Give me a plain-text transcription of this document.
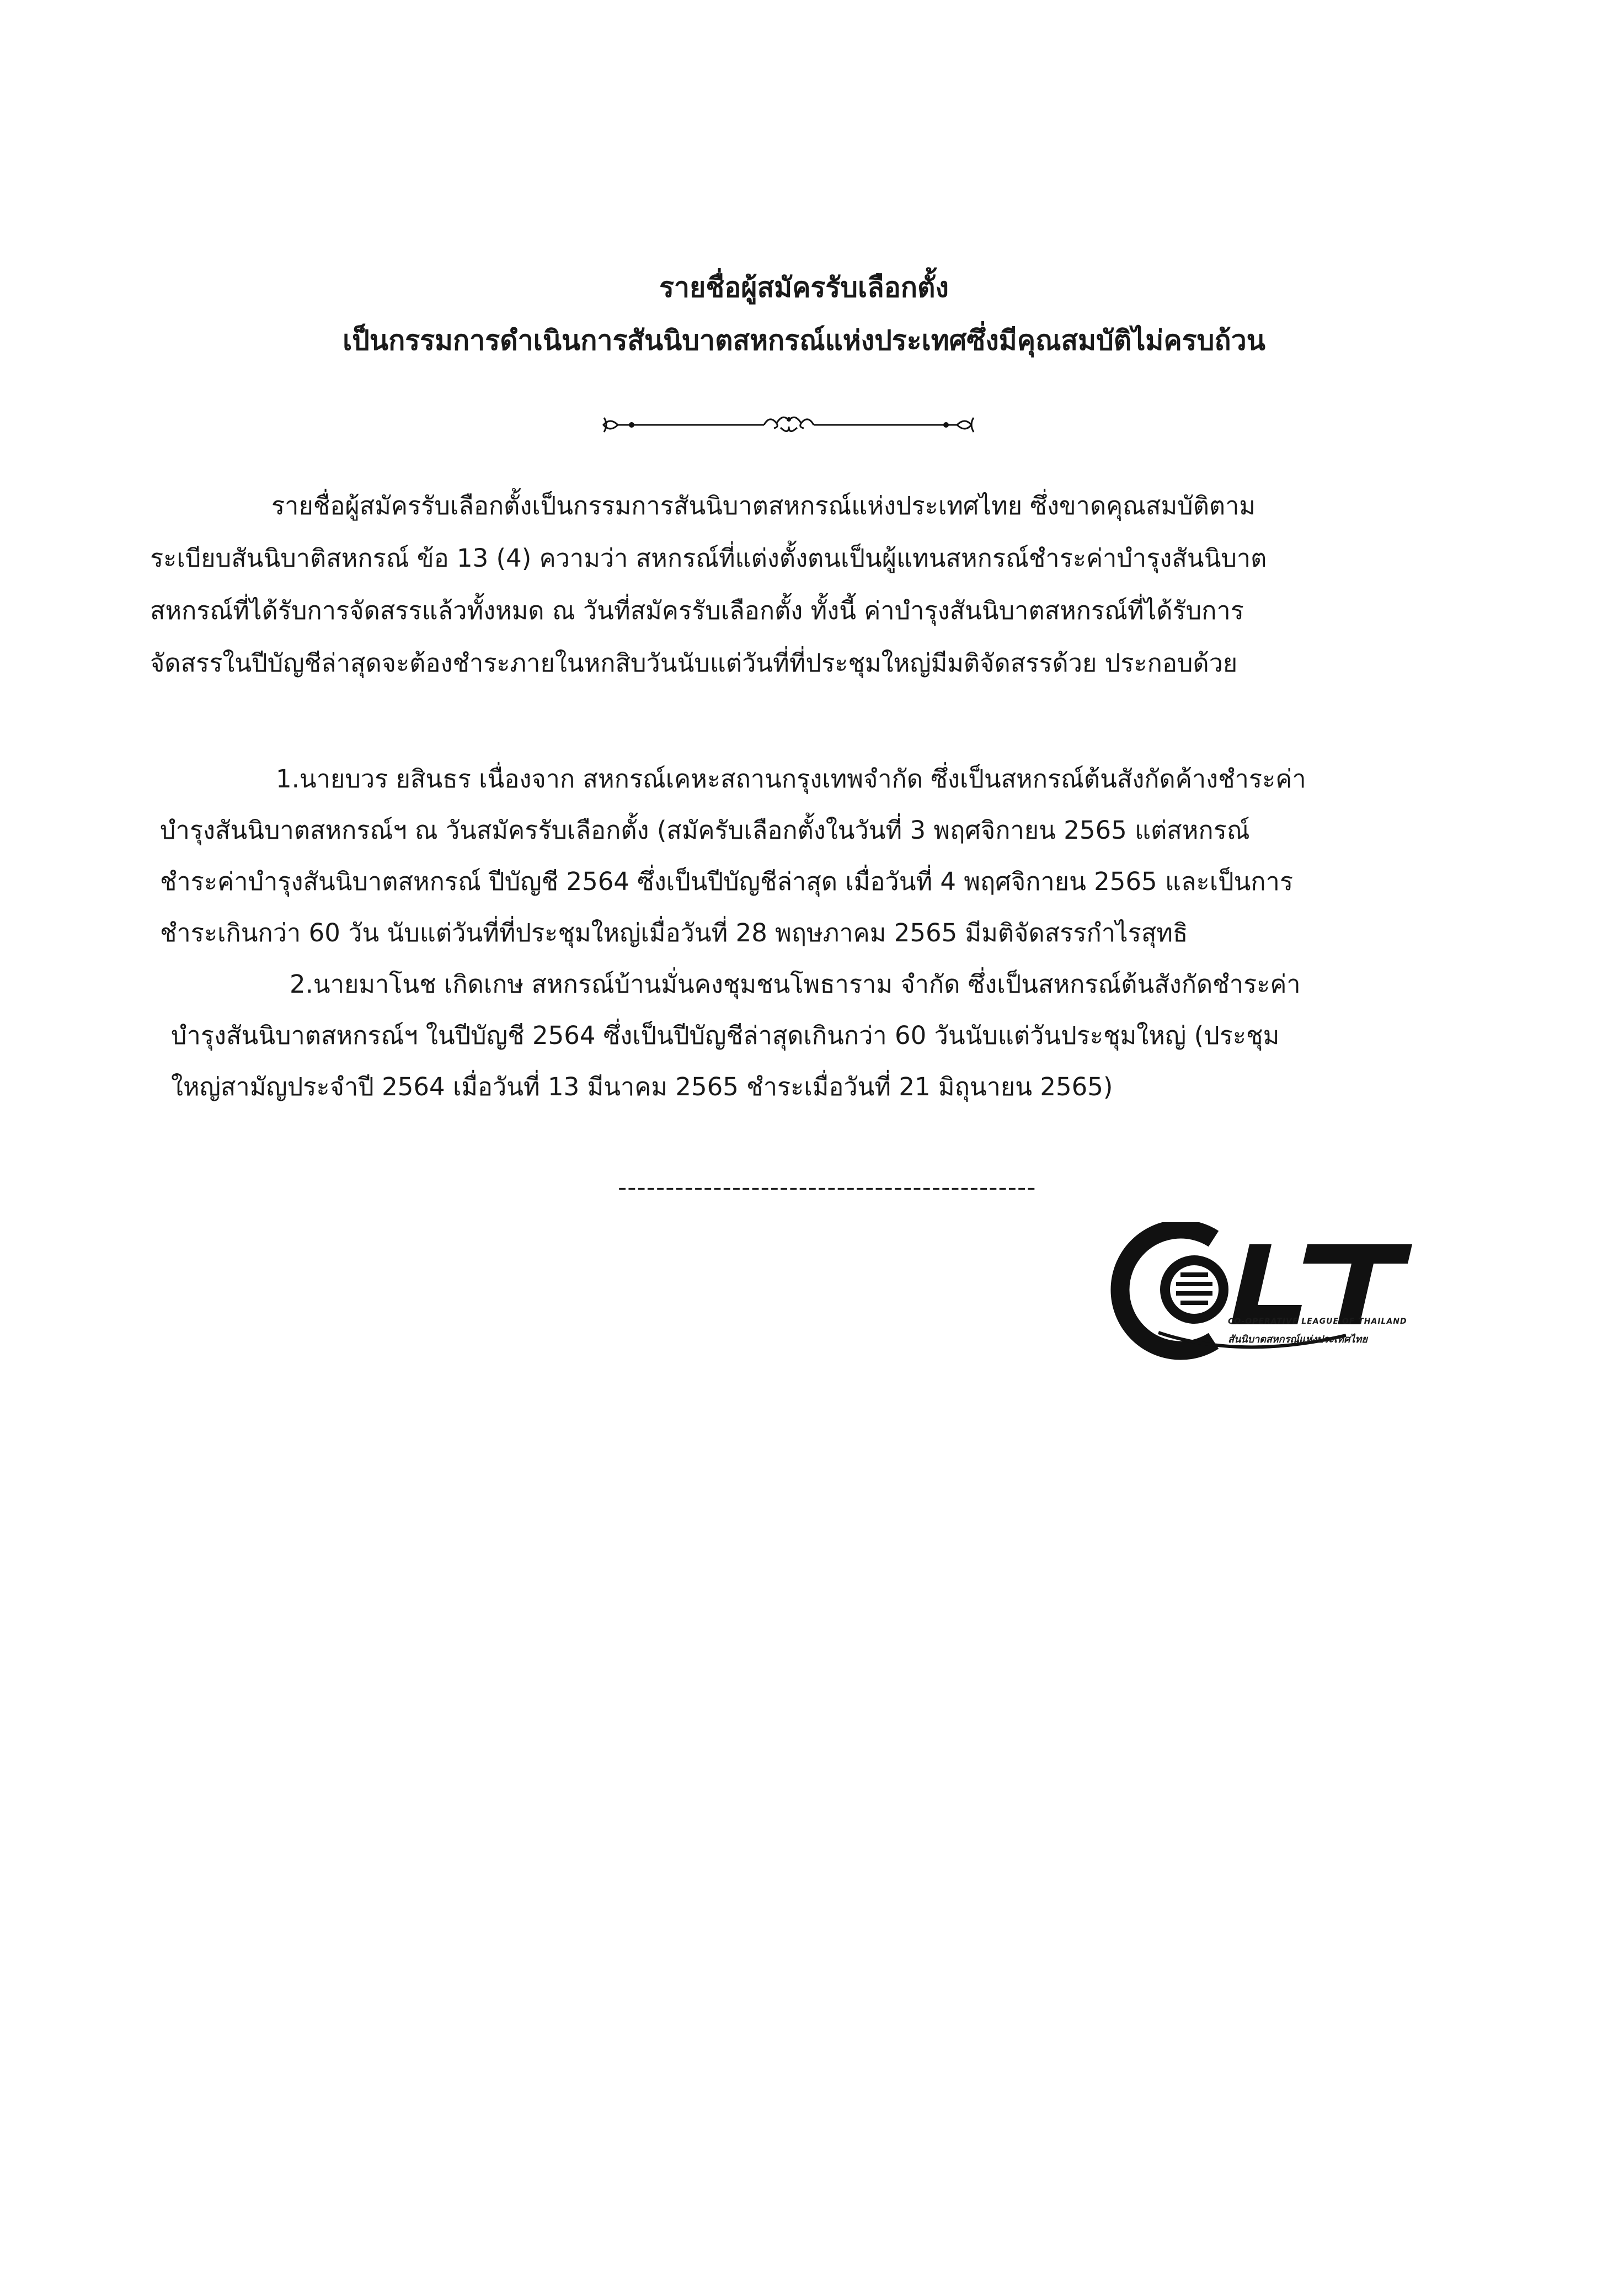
รายชื่อผู้สมัครรับเลือกตั้ง
เป็นกรรมการดำเนินการสันนิบาตสหกรณ์แห่งประเทศซึ่งมีคุณสมบัติไม่ครบถ้วน
รายชื่อผู้สมัครรับเลือกตั้งเป็นกรรมการสันนิบาตสหกรณ์แห่งประเทศไทย ซึ่งขาดคุณสมบัติตาม
ระเบียบสันนิบาติสหกรณ์ ข้อ 13 (4) ความว่า สหกรณ์ที่แต่งตั้งตนเป็นผู้แทนสหกรณ์ชำระค่าบำรุงสันนิบาต
สหกรณ์ที่ได้รับการจัดสรรแล้วทั้งหมด ณ วันที่สมัครรับเลือกตั้ง ทั้งนี้ ค่าบำรุงสันนิบาตสหกรณ์ที่ได้รับการ
จัดสรรในปีบัญชีล่าสุดจะต้องชำระภายในหกสิบวันนับแต่วันที่ที่ประชุมใหญ่มีมติจัดสรรด้วย ประกอบด้วย
1.นายบวร ยสินธร เนื่องจาก สหกรณ์เคหะสถานกรุงเทพจำกัด ซึ่งเป็นสหกรณ์ต้นสังกัดค้างชำระค่า
บำรุงสันนิบาตสหกรณ์ฯ ณ วันสมัครรับเลือกตั้ง (สมัครับเลือกตั้งในวันที่ 3 พฤศจิกายน 2565 แต่สหกรณ์
ชำระค่าบำรุงสันนิบาตสหกรณ์ ปีบัญชี 2564 ซึ่งเป็นปีบัญชีล่าสุด เมื่อวันที่ 4 พฤศจิกายน 2565 และเป็นการ
ชำระเกินกว่า 60 วัน นับแต่วันที่ที่ประชุมใหญ่เมื่อวันที่ 28 พฤษภาคม 2565 มีมติจัดสรรกำไรสุทธิ
2.นายมาโนช เกิดเกษ สหกรณ์บ้านมั่นคงชุมชนโพธาราม จำกัด ซึ่งเป็นสหกรณ์ต้นสังกัดชำระค่า
บำรุงสันนิบาตสหกรณ์ฯ ในปีบัญชี 2564 ซึ่งเป็นปีบัญชีล่าสุดเกินกว่า 60 วันนับแต่วันประชุมใหญ่ (ประชุม
ใหญ่สามัญประจำปี 2564 เมื่อวันที่ 13 มีนาคม 2565 ชำระเมื่อวันที่ 21 มิถุนายน 2565)
--------------------------------------------
CO-OPERATIVE LEAGUE OF THAILAND
สันนิบาตสหกรณ์แห่งประเทศไทย
